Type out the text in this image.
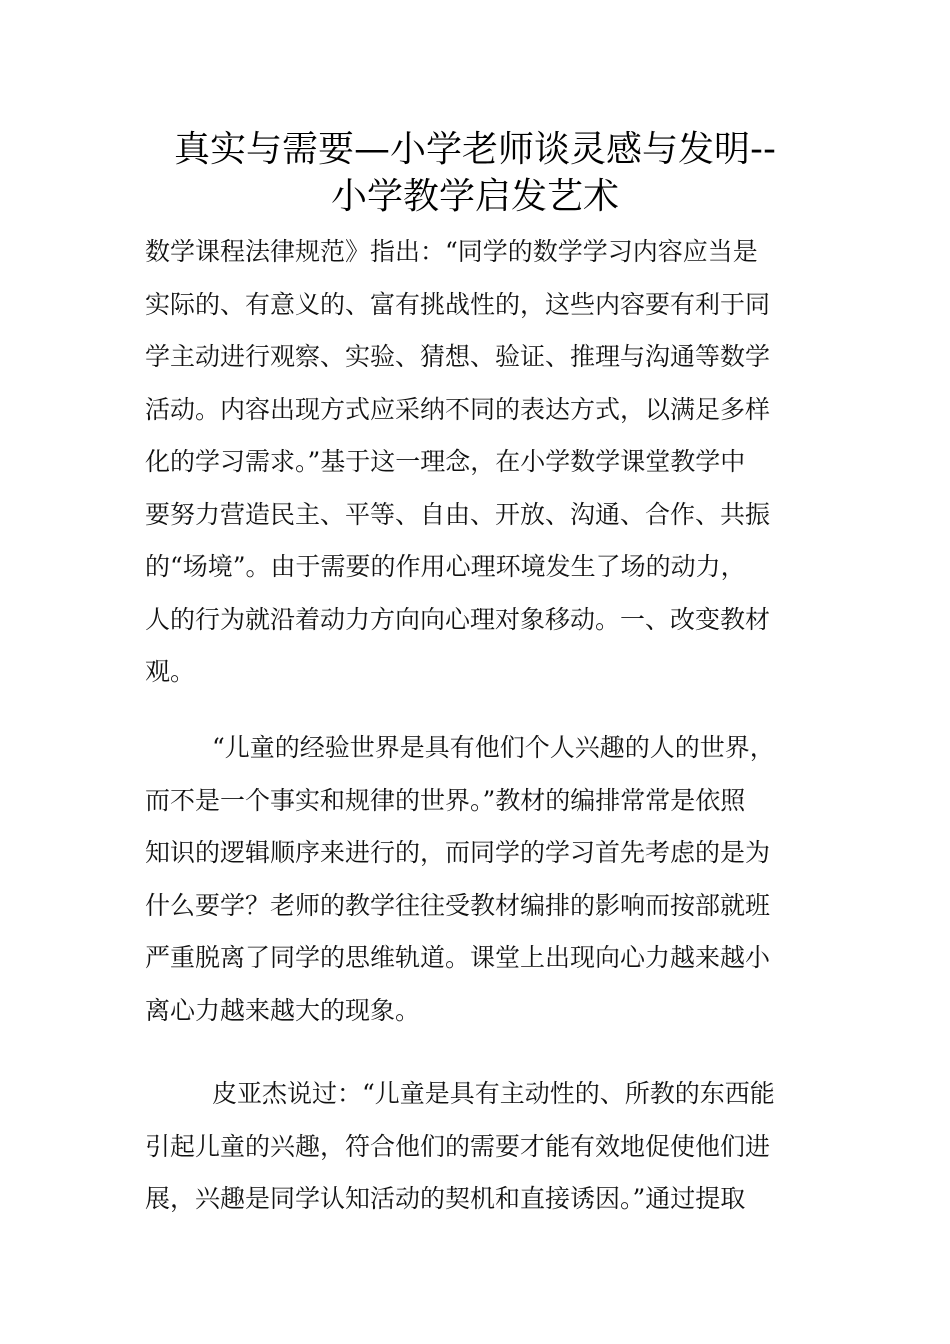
真实与需要—小学老师谈灵感与发明--
小学教学启发艺术
数学课程法律规范》指出：“同学的数学学习内容应当是
实际的、有意义的、富有挑战性的，这些内容要有利于同
学主动进行观察、实验、猜想、验证、推理与沟通等数学
活动。内容出现方式应采纳不同的表达方式，以满足多样
化的学习需求。”基于这一理念，在小学数学课堂教学中
要努力营造民主、平等、自由、开放、沟通、合作、共振
的“场境”。由于需要的作用心理环境发生了场的动力，
人的行为就沿着动力方向向心理对象移动。一、改变教材
观。
“儿童的经验世界是具有他们个人兴趣的人的世界，
而不是一个事实和规律的世界。”教材的编排常常是依照
知识的逻辑顺序来进行的，而同学的学习首先考虑的是为
什么要学？老师的教学往往受教材编排的影响而按部就班
严重脱离了同学的思维轨道。课堂上出现向心力越来越小
离心力越来越大的现象。
皮亚杰说过：“儿童是具有主动性的、所教的东西能
引起儿童的兴趣，符合他们的需要才能有效地促使他们进
展，兴趣是同学认知活动的契机和直接诱因。”通过提取
